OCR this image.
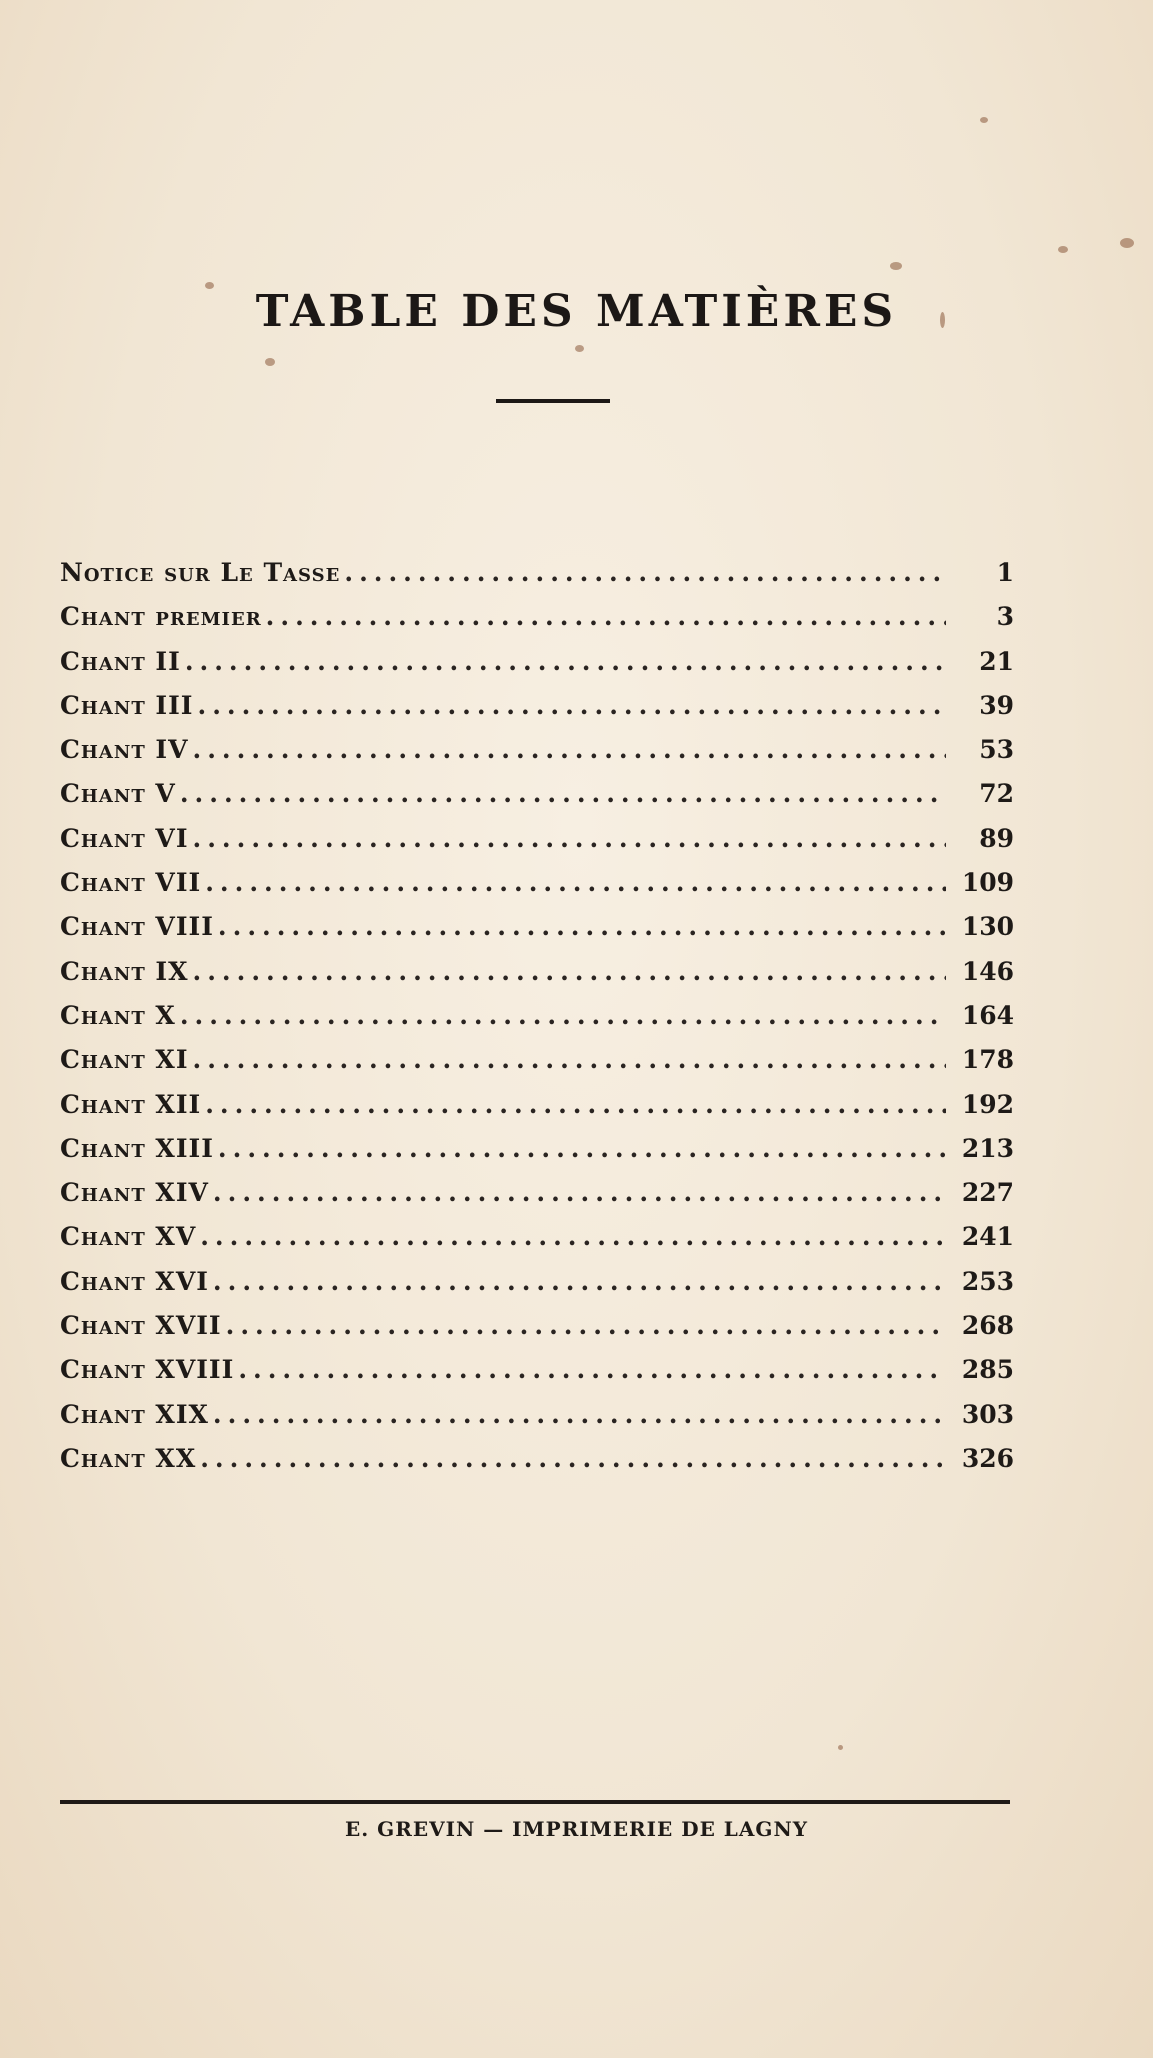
TABLE DES MATIÈRES
Notice sur Le Tasse .....	1
Chant premier .....	3
Chant II .....	21
Chant III .....	39
Chant IV .....	53
Chant V .....	72
Chant VI .....	89
Chant VII .....	109
Chant VIII .....	130
Chant IX .....	146
Chant X .....	164
Chant XI .....	178
Chant XII .....	192
Chant XIII .....	213
Chant XIV .....	227
Chant XV .....	241
Chant XVI .....	253
Chant XVII .....	268
Chant XVIII .....	285
Chant XIX .....	303
Chant XX .....	326
E. GREVIN — IMPRIMERIE DE LAGNY
